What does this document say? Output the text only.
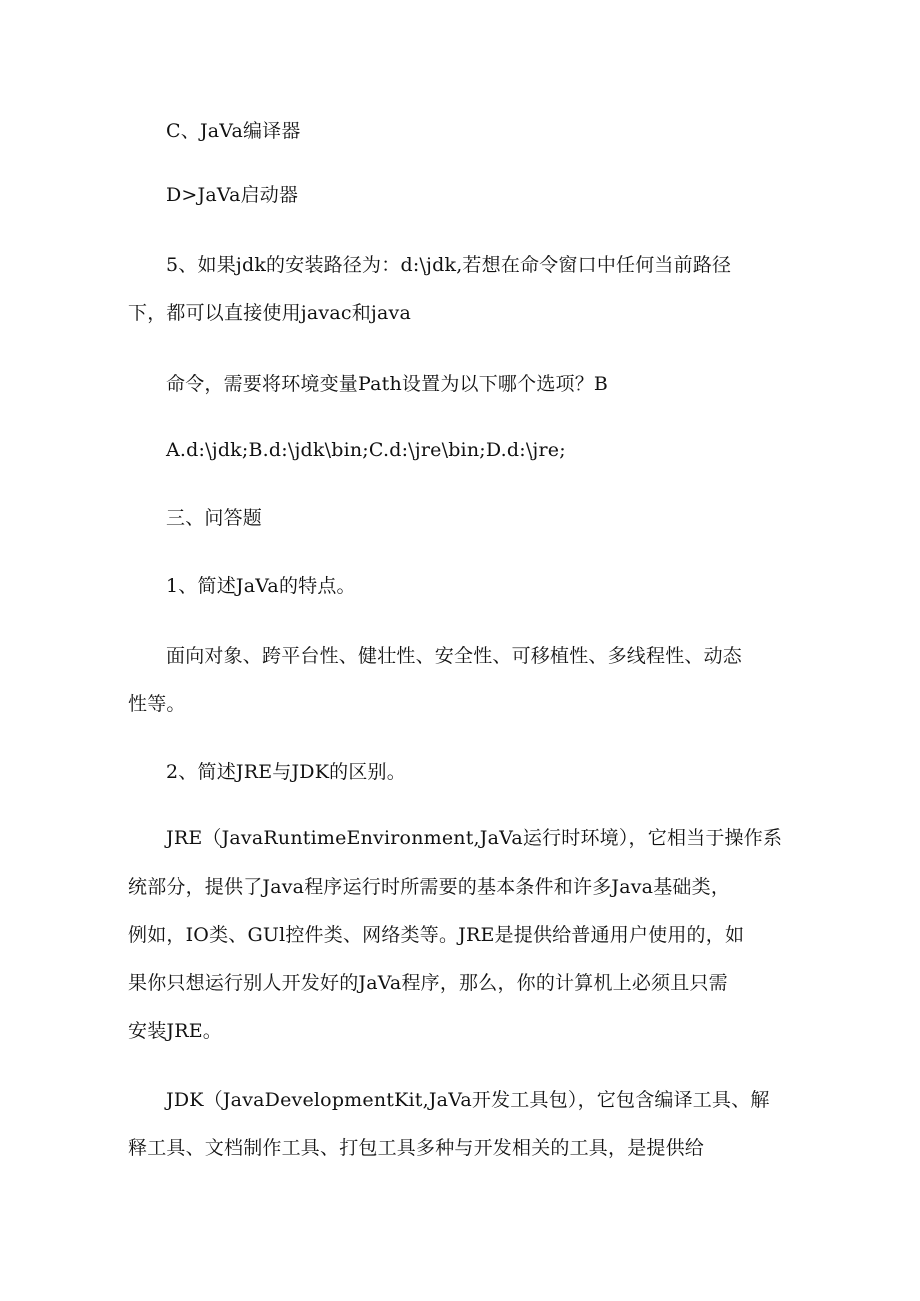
C、JaVa编译器
D>JaVa启动器
5、如果jdk的安装路径为：d:\jdk,若想在命令窗口中任何当前路径
下，都可以直接使用javac和java
命令，需要将环境变量Path设置为以下哪个选项？B
A.d:\jdk;B.d:\jdk\bin;C.d:\jre\bin;D.d:\jre;
三、问答题
1、简述JaVa的特点。
面向对象、跨平台性、健壮性、安全性、可移植性、多线程性、动态
性等。
2、简述JRE与JDK的区别。
JRE（JavaRuntimeEnvironment,JaVa运行时环境），它相当于操作系
统部分，提供了Java程序运行时所需要的基本条件和许多Java基础类，
例如，IO类、GUl控件类、网络类等。JRE是提供给普通用户使用的，如
果你只想运行别人开发好的JaVa程序，那么，你的计算机上必须且只需
安装JRE。
JDK（JavaDevelopmentKit,JaVa开发工具包），它包含编译工具、解
释工具、文档制作工具、打包工具多种与开发相关的工具，是提供给
